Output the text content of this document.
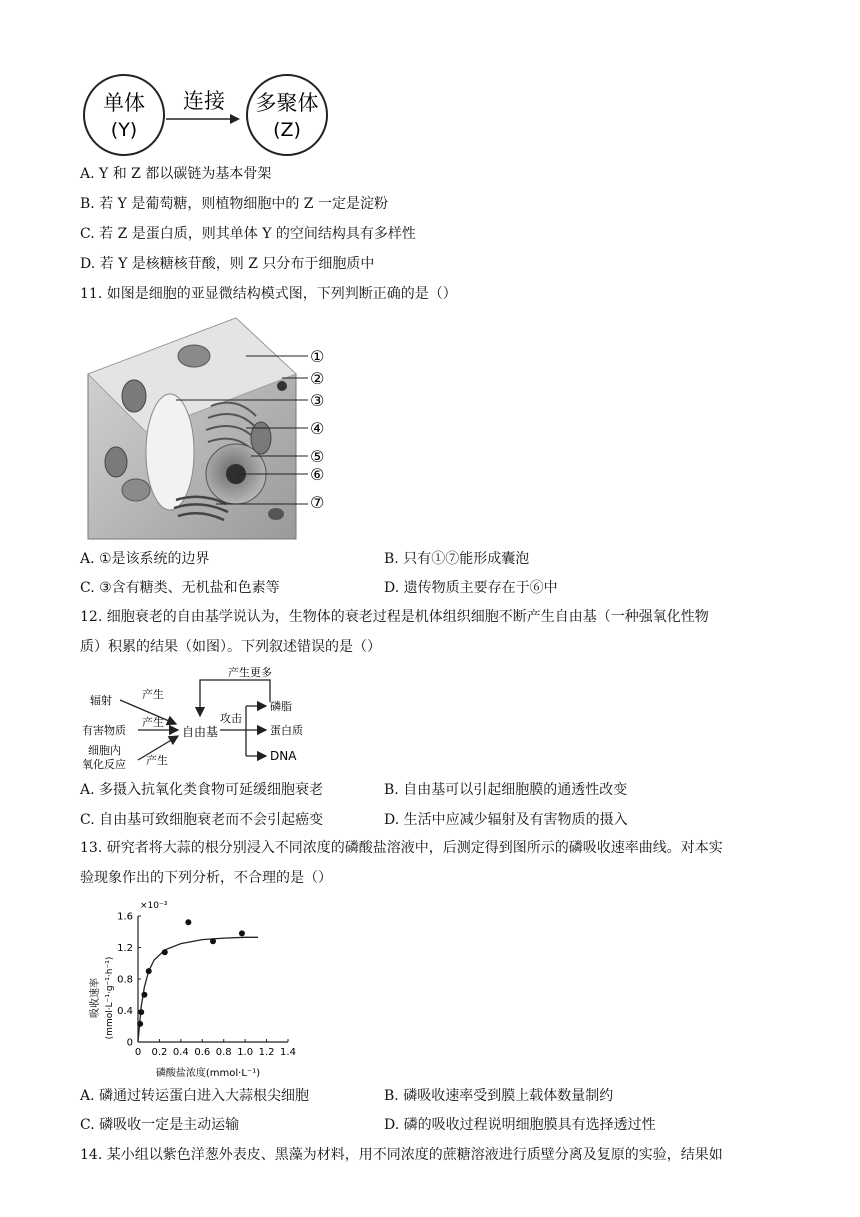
单体
(Y)
连接 多聚体
(Z)
A. Y 和 Z 都以碳链为基本骨架
B. 若 Y 是葡萄糖，则植物细胞中的 Z 一定是淀粉
C. 若 Z 是蛋白质，则其单体 Y 的空间结构具有多样性
D. 若 Y 是核糖核苷酸，则 Z 只分布于细胞质中
11. 如图是细胞的亚显微结构模式图，下列判断正确的是（）
①
②
③
④
⑤
⑥
⑦
A. ①是该系统的边界	B. 只有①⑦能形成囊泡
C. ③含有糖类、无机盐和色素等	D. 遗传物质主要存在于⑥中
12. 细胞衰老的自由基学说认为，生物体的衰老过程是机体组织细胞不断产生自由基（一种强氧化性物
质）积累的结果（如图）。下列叙述错误的是（）
产生更多
辐射	产生
有害物质
产生
细胞内
氧化反应 产生
自由基
攻击
磷脂
蛋白质
DNA
A. 多摄入抗氧化类食物可延缓细胞衰老	B. 自由基可以引起细胞膜的通透性改变
C. 自由基可致细胞衰老而不会引起癌变	D. 生活中应减少辐射及有害物质的摄入
13. 研究者将大蒜的根分别浸入不同浓度的磷酸盐溶液中，后测定得到图所示的磷吸收速率曲线。对本实
验现象作出的下列分析，不合理的是（）
×10⁻³
吸收速率 (mmol·L⁻¹·g⁻¹·h⁻¹)
磷酸盐浓度(mmol·L⁻¹)
0 0.2 0.4 0.6 0.8 1.0 1.2 1.4
0
0.4
0.8
1.2
1.6
A. 磷通过转运蛋白进入大蒜根尖细胞	B. 磷吸收速率受到膜上载体数量制约
C. 磷吸收一定是主动运输	D. 磷的吸收过程说明细胞膜具有选择透过性
14. 某小组以紫色洋葱外表皮、黑藻为材料，用不同浓度的蔗糖溶液进行质壁分离及复原的实验，结果如
